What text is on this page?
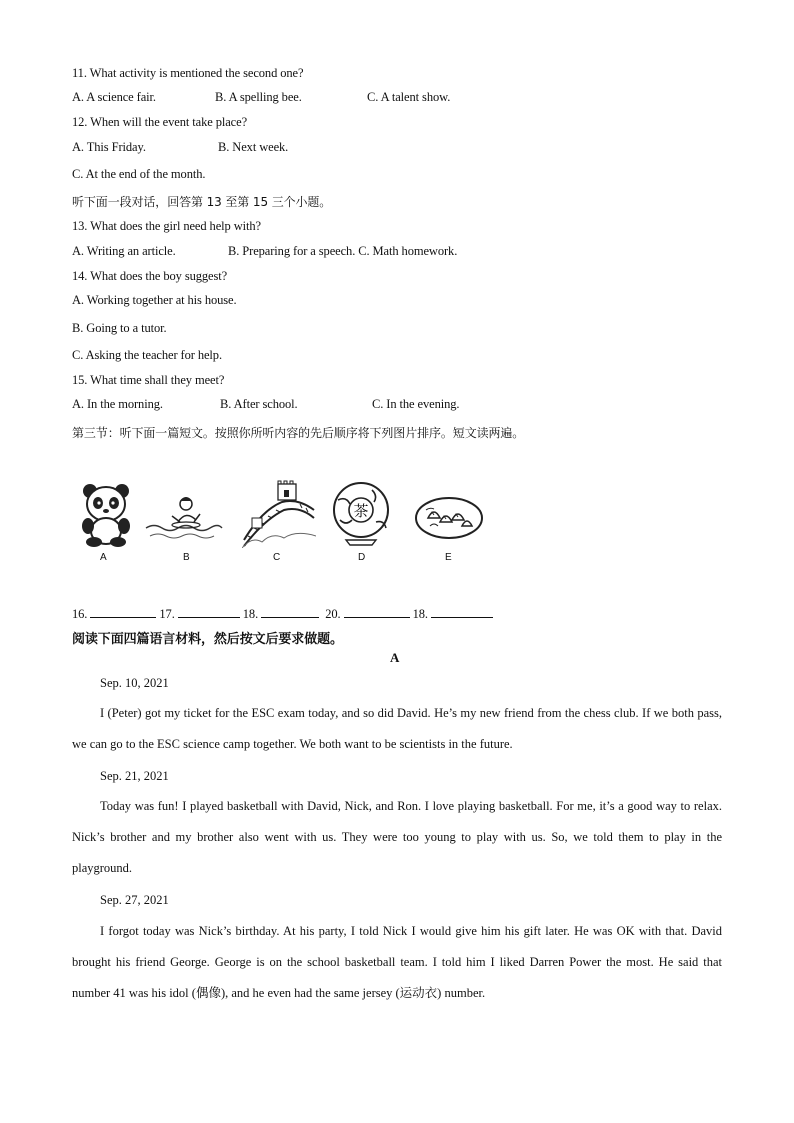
11. What activity is mentioned the second one?
A. A science fair.	B. A spelling bee.	C. A talent show.
12. When will the event take place?
A. This Friday.	B. Next week.
C. At the end of the month.
听下面一段对话，回答第 13 至第 15 三个小题。
13. What does the girl need help with?
A. Writing an article.	B. Preparing for a speech. C. Math homework.
14. What does the boy suggest?
A. Working together at his house.
B. Going to a tutor.
C. Asking the teacher for help.
15. What time shall they meet?
A. In the morning.	B. After school.	C. In the evening.
第三节：听下面一篇短文。按照你所听内容的先后顺序将下列图片排序。短文读两遍。
茶
A	B	C	D	E
16.	17.	18.	20.	18.
阅读下面四篇语言材料，然后按文后要求做题。
A
Sep. 10, 2021
I (Peter) got my ticket for the ESC exam today, and so did David. He’s my new friend from the chess club. If we both pass, we can go to the ESC science camp together. We both want to be scientists in the future.
Sep. 21, 2021
Today was fun! I played basketball with David, Nick, and Ron. I love playing basketball. For me, it’s a good way to relax. Nick’s brother and my brother also went with us. They were too young to play with us. So, we told them to play in the playground.
Sep. 27, 2021
I forgot today was Nick’s birthday. At his party, I told Nick I would give him his gift later. He was OK with that. David brought his friend George. George is on the school basketball team. I told him I liked Darren Power the most. He said that number 41 was his idol (偶像), and he even had the same jersey (运动衣) number.
